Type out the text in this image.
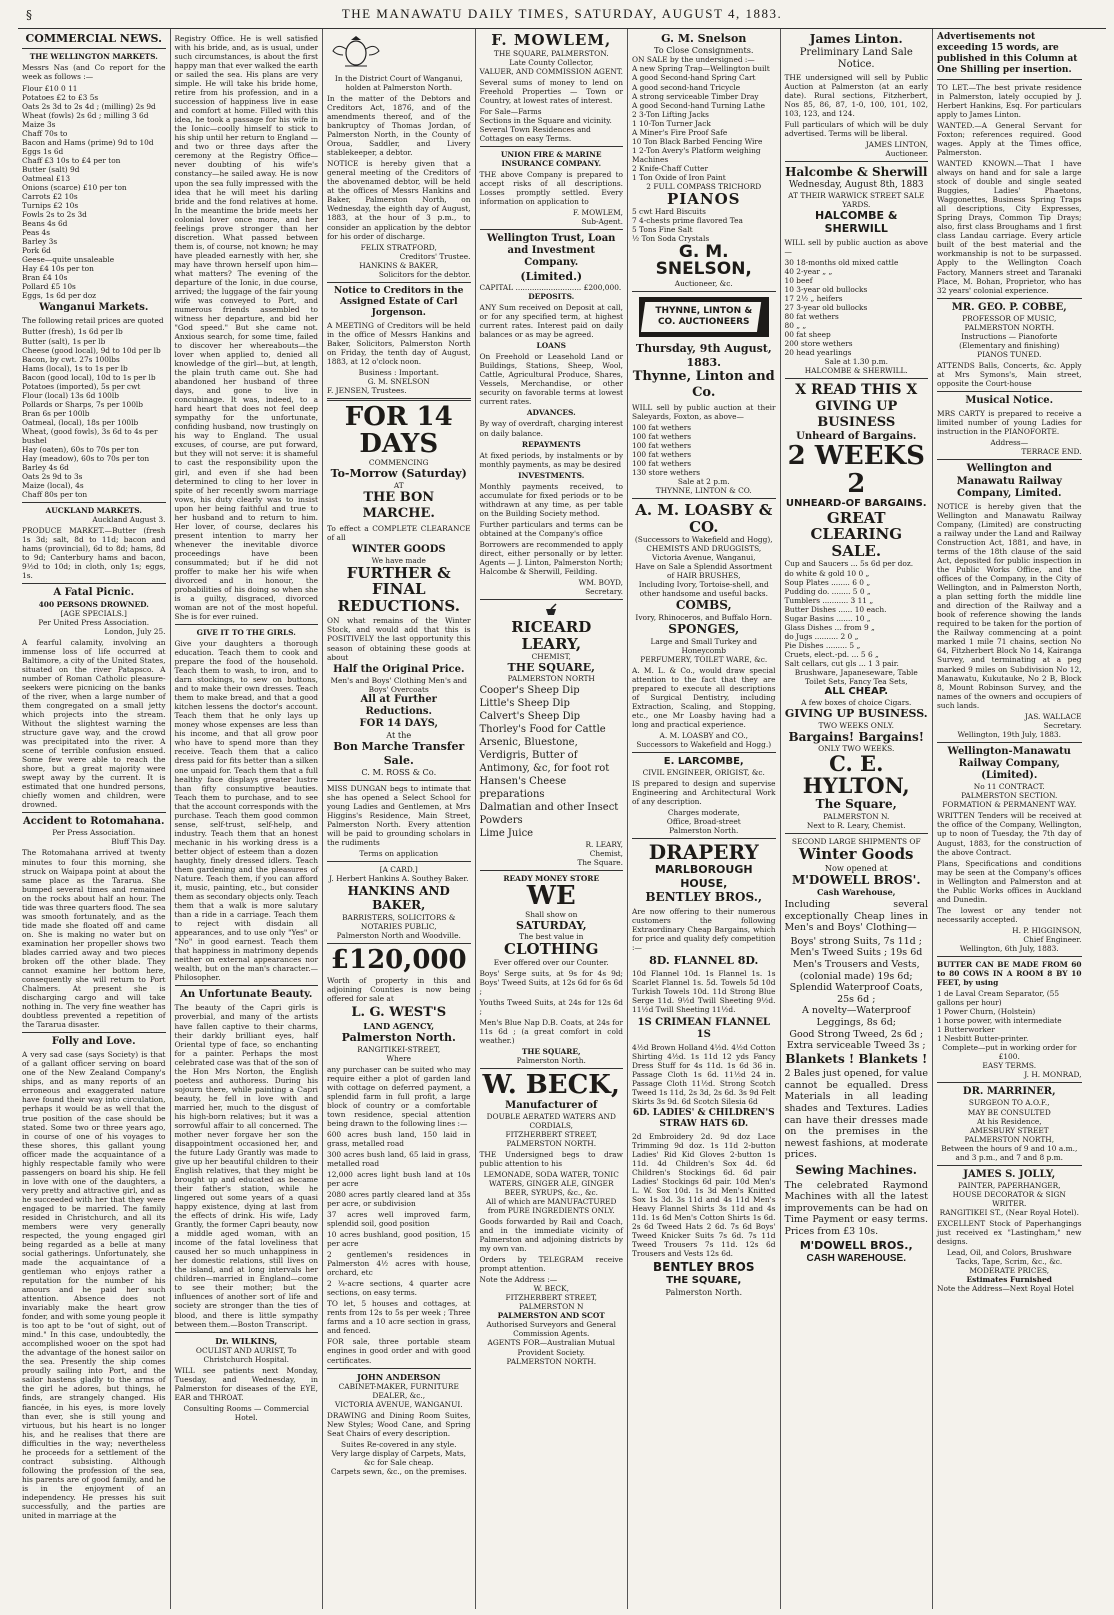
§	THE MANAWATU DAILY TIMES, SATURDAY, AUGUST 4, 1883.
COMMERCIAL NEWS.
THE WELLINGTON MARKETS.
Messrs Nas (and Co report for the week as follows :—
Flour £10 0 11
Potatoes £2 to £3 5s
Oats 2s 3d to 2s 4d ; (milling) 2s 9d
Wheat (fowls) 2s 6d ; milling 3 6d
Maize 3s
Chaff 70s to
Bacon and Hams (prime) 9d to 10d
Eggs 1s 6d
Chaff £3 10s to £4 per ton
Butter (salt) 9d
Oatmeal £13
Onions (scarce) £10 per ton
Carrots £2 10s
Turnips £2 10s
Fowls 2s to 2s 3d
Beans 4s 6d
Peas 4s
Barley 3s
Pork 6d
Geese—quite unsaleable
Hay £4 10s per ton
Bran £4 10s
Pollard £5 10s
Eggs, 1s 6d per doz
Wanganui Markets.
The following retail prices are quoted
Butter (fresh), 1s 6d per lb
Butter (salt), 1s per lb
Cheese (good local), 9d to 10d per lb
Bacon, by cwt. 27s 100lbs
Hams (local), 1s to 1s per lb
Bacon (good local), 10d to 1s per lb
Potatoes (imported), 5s per cwt
Flour (local) 13s 6d 100lb
Pollards or Sharps, 7s per 100lb
Bran 6s per 100lb
Oatmeal, (local), 18s per 100lb
Wheat, (good fowls), 3s 6d to 4s per bushel
Hay (oaten), 60s to 70s per ton
Hay (meadow), 60s to 70s per ton
Barley 4s 6d
Oats 2s 9d to 3s
Maize (local), 4s
Chaff 80s per ton
AUCKLAND MARKETS.
Auckland August 3.
PRODUCE MARKET.—Butter (fresh 1s 3d; salt, 8d to 11d; bacon and hams (provincial), 6d to 8d; hams, 8d to 9d; Canterbury hams and bacon, 9½d to 10d; in cloth, only 1s; eggs, 1s.
A Fatal Picnic.
400 PERSONS DROWNED.
[AGE SPECIALS.]
Per United Press Association.
London, July 25.
A fearful calamity, involving an immense loss of life occurred at Baltimore, a city of the United States, situated on the river Patapsco. A number of Roman Catholic pleasure-seekers were picnicing on the banks of the river, when a large number of them congregated on a small jetty which projects into the stream. Without the slightest warning the structure gave way, and the crowd was precipitated into the river. A scene of terrible confusion ensued. Some few were able to reach the shore, but a great majority were swept away by the current. It is estimated that one hundred persons, chiefly women and children, were drowned.
Accident to Rotomahana.
Per Press Association.
Bluff This Day.
The Rotomahana arrived at twenty minutes to four this morning, she struck on Waipapa point at about the same place as the Tararua. She bumped several times and remained on the rocks about half an hour. The tide was three quarters flood. The sea was smooth fortunately, and as the tide made she floated off and came on. She is making no water but on examination her propeller shows two blades carried away and two pieces broken off the other blade. They cannot examine her bottom here, consequently she will return to Port Chalmers. At present she is discharging cargo and will take nothing in. The very fine weather has doubtless prevented a repetition of the Tararua disaster.
Folly and Love.
A very sad case (says Society) is that of a gallant officer serving on board one of the New Zealand Company's ships, and as many reports of an erroneous and exaggerated nature have found their way into circulation, perhaps it would be as well that the true position of the case should be stated. Some two or three years ago, in course of one of his voyages to these shores, this gallant young officer made the acquaintance of a highly respectable family who were passengers on board his ship. He fell in love with one of the daughters, a very pretty and attractive girl, and as he succeeded with her that they were engaged to be married. The family resided in Christchurch, and all its members were very generally respected, the young engaged girl being regarded as a belle at many social gatherings. Unfortunately, she made the acquaintance of a gentleman who enjoys rather a reputation for the number of his amours and he paid her such attention. Absence does not invariably make the heart grow fonder, and with some young people it is too apt to be "out of sight, out of mind." In this case, undoubtedly, the accomplished wooer on the spot had the advantage of the honest sailor on the sea. Presently the ship comes proudly sailing into Port, and the sailor hastens gladly to the arms of the girl he adores, but things, he finds, are strangely changed. His fiancée, in his eyes, is more lovely than ever, she is still young and virtuous, but his heart is no longer his, and he realises that there are difficulties in the way; nevertheless he proceeds for a settlement of the contract subsisting. Although following the profession of the sea, his parents are of good family, and he is in the enjoyment of an independency. He presses his suit successfully, and the parties are united in marriage at the
Registry Office. He is well satisfied with his bride, and, as is usual, under such circumstances, is about the first happy man that ever walked the earth or sailed the sea. His plans are very simple. He will take his bride home, retire from his profession, and in a succession of happiness live in ease and comfort at home. Filled with this idea, he took a passage for his wife in the Ionic—coolly himself to stick to his ship until her return to England —and two or three days after the ceremony at the Registry Office—never doubting of his wife's constancy—he sailed away. He is now upon the sea fully impressed with the idea that he will meet his darling bride and the fond relatives at home. In the meantime the bride meets her colonial lover once more, and her feelings prove stronger than her discretion. What passed between them is, of course, not known; he may have pleaded earnestly with her, she may have thrown herself upon him—what matters? The evening of the departure of the Ionic, in due course, arrived; the luggage of the fair young wife was conveyed to Port, and numerous friends assembled to witness her departure, and bid her "God speed." But she came not. Anxious search, for some time, failed to discover her whereabouts—the lover when applied to, denied all knowledge of the girl—but, at length, the plain truth came out. She had abandoned her husband of three days, and gone to live in concubinage. It was, indeed, to a hard heart that does not feel deep sympathy for the unfortunate, confiding husband, now trustingly on his way to England. The usual excuses, of course, are put forward, but they will not serve: it is shameful to cast the responsibility upon the girl, and even if she had been determined to cling to her lover in spite of her recently sworn marriage vows, his duty clearly was to insist upon her being faithful and true to her husband and to return to him. Her lover, of course, declares his present intention to marry her whenever the inevitable divorce proceedings have been consummated; but if he did not proffer to make her his wife when divorced and in honour, the probabilities of his doing so when she is a guilty, disgraced, divorced woman are not of the most hopeful. She is for ever ruined.
GIVE IT TO THE GIRLS.
Give your daughters a thorough education. Teach them to cook and prepare the food of the household. Teach them to wash, to iron, and to darn stockings, to sew on buttons, and to make their own dresses. Teach them to make bread, and that a good kitchen lessens the doctor's account. Teach them that he only lays up money whose expenses are less than his income, and that all grow poor who have to spend more than they receive. Teach them that a calico dress paid for fits better than a silken one unpaid for. Teach them that a full healthy face displays greater lustre than fifty consumptive beauties. Teach them to purchase, and to see that the account corresponds with the purchase. Teach them good common sense, self-trust, self-help, and industry. Teach them that an honest mechanic in his working dress is a better object of esteem than a dozen haughty, finely dressed idlers. Teach them gardening and the pleasures of Nature. Teach them, if you can afford it, music, painting, etc., but consider them as secondary objects only. Teach them that a walk is more salutary than a ride in a carriage. Teach them to reject with disdain all appearances, and to use only "Yes" or "No" in good earnest. Teach them that happiness in matrimony depends neither on external appearances nor wealth, but on the man's character.—Philosopher.
An Unfortunate Beauty.
The beauty of the Capri girls is proverbial, and many of the artists have fallen captive to their charms, their darkly brilliant eyes, half Oriental type of face, so enchanting for a painter. Perhaps the most celebrated case was that of the son of the Hon Mrs Norton, the English poetess and authoress. During his sojourn there, while painting a Capri beauty, he fell in love with and married her, much to the disgust of his high-born relatives; but it was a sorrowful affair to all concerned. The mother never forgave her son the disappointment occasioned her, and the future Lady Grantly was made to give up her beautiful children to their English relatives, that they might be brought up and educated as became their father's station, while he lingered out some years of a quasi happy existence, dying at last from the effects of drink. His wife, Lady Grantly, the former Capri beauty, now a middle aged woman, with an income of the fatal loveliness that caused her so much unhappiness in her domestic relations, still lives on the island, and at long intervals her children—married in England—come to see their mother; but the influences of another sort of life and society are stronger than the ties of blood, and there is little sympathy between them.—Boston Transcript.
Dr. WILKINS,
OCULIST AND AURIST, To Christchurch Hospital.
WILL see patients next Monday, Tuesday, and Wednesday, in Palmerston for diseases of the EYE, EAR and THROAT.
Consulting Rooms — Commercial Hotel.
In the District Court of Wanganui, holden at Palmerston North.
In the matter of the Debtors and Creditors Act, 1876, and of the amendments thereof, and of the bankruptcy of Thomas Jordan, of Palmerston North, in the County of Oroua, Saddler, and Livery stablekeeper, a debtor.
NOTICE is hereby given that a general meeting of the Creditors of the abovenamed debtor, will be held at the offices of Messrs Hankins and Baker, Palmerston North, on Wednesday, the eighth day of August, 1883, at the hour of 3 p.m., to consider an application by the debtor for his order of discharge.
FELIX STRATFORD,
Creditors' Trustee.
HANKINS & BAKER,
Solicitors for the debtor.
Notice to Creditors in the Assigned Estate of Carl Jorgenson.
A MEETING of Creditors will be held in the office of Messrs Hankins and Baker, Solicitors, Palmerston North on Friday, the tenth day of August, 1883, at 12 o'clock noon.
Business : Important.
G. M. SNELSON
F. JENSEN, Trustees.
FOR 14 DAYS
COMMENCING
To-Morrow (Saturday)
AT
THE BON MARCHE.
To effect a COMPLETE CLEARANCE of all
WINTER GOODS
We have made
FURTHER & FINAL
REDUCTIONS.
ON what remains of the Winter Stock, and would add that this is POSITIVELY the last opportunity this season of obtaining these goods at about
Half the Original Price.
Men's and Boys' Clothing Men's and Boys' Overcoats
All at Further Reductions.
FOR 14 DAYS,
At the
Bon Marche Transfer Sale.
C. M. ROSS & Co.
MISS DUNGAN begs to intimate that she has opened a Select School for young Ladies and Gentlemen, at Mrs Higgins's Residence, Main Street, Palmerston North. Every attention will be paid to grounding scholars in the rudiments
Terms on application
[A CARD.]
J. Herbert Hankins A. Southey Baker.
HANKINS AND BAKER,
BARRISTERS, SOLICITORS & NOTARIES PUBLIC,
Palmerston North and Woodville.
£120,000
Worth of property in this and adjoining Counties is now being offered for sale at
L. G. WEST'S
LAND AGENCY,
Palmerston North.
RANGITIKEI-STREET,
Where
any purchaser can be suited who may require either a plot of garden land with cottage on deferred payment, a splendid farm in full profit, a large block of country or a comfortable town residence, special attention being drawn to the following lines :—
600 acres bush land, 150 laid in grass, metalled road
300 acres bush land, 65 laid in grass, metalled road
12,000 acres light bush land at 10s per acre
2080 acres partly cleared land at 35s per acre, or subdivision
37 acres well improved farm, splendid soil, good position
10 acres bushland, good position, 15 per acre
2 gentlemen's residences in Palmerston 4½ acres with house, orchard, etc
2 ¼-acre sections, 4 quarter acre sections, on easy terms.
TO let, 5 houses and cottages, at rents from 12s to 5s per week ; Three farms and a 10 acre section in grass, and fenced.
FOR sale, three portable steam engines in good order and with good certificates.
JOHN ANDERSON
CABINET-MAKER, FURNITURE DEALER, &c.,
VICTORIA AVENUE, WANGANUI.
DRAWING and Dining Room Suites, New Styles; Wood Cane, and Spring Seat Chairs of every description.
Suites Re-covered in any style.
Very large display of Carpets, Mats, &c for Sale cheap.
Carpets sewn, &c., on the premises.
F. MOWLEM,
THE SQUARE, PALMERSTON.
Late County Collector,
VALUER, AND COMMISSION AGENT.
Several sums of money to lend on Freehold Properties — Town or Country, at lowest rates of interest.
For Sale—Farms
Sections in the Square and vicinity.
Several Town Residences and Cottages on easy Terms.
UNION FIRE & MARINE INSURANCE COMPANY.
THE above Company is prepared to accept risks of all descriptions. Losses promptly settled. Every information on application to
F. MOWLEM,
Sub-Agent.
Wellington Trust, Loan and Investment Company.
(Limited.)
CAPITAL ............................ £200,000.
DEPOSITS.
ANY Sum received on Deposit at call, or for any specified term, at highest current rates. Interest paid on daily balances or as may be agreed.
LOANS
On Freehold or Leasehold Land or Buildings, Stations, Sheep, Wool, Cattle, Agricultural Produce, Shares, Vessels, Merchandise, or other security on favorable terms at lowest current rates.
ADVANCES.
By way of overdraft, charging interest on daily balance.
REPAYMENTS
At fixed periods, by instalments or by monthly payments, as may be desired
INVESTMENTS.
Monthly payments received, to accumulate for fixed periods or to be withdrawn at any time, as per table on the Building Society method.
Further particulars and terms can be obtained at the Company's office
Borrowers are recommended to apply direct, either personally or by letter. Agents — J. Linton, Palmerston North; Halcombe & Sherwill, Feilding.
WM. BOYD,
Secretary.
RICEARD LEARY,
CHEMIST,
THE SQUARE,
PALMERSTON NORTH
Cooper's Sheep Dip
Little's Sheep Dip
Calvert's Sheep Dip
Thorley's Food for Cattle
Arsenic, Bluestone, Verdigris, Butter of Antimony, &c, for foot rot
Hansen's Cheese preparations
Dalmatian and other Insect Powders
Lime Juice
R. LEARY,
Chemist,
The Square.
READY MONEY STORE
WE
Shall show on
SATURDAY,
The best value in
CLOTHING
Ever offered over our Counter.
Boys' Serge suits, at 9s for 4s 9d; Boys' Tweed Suits, at 12s 6d for 6s 6d ;
Youths Tweed Suits, at 24s for 12s 6d ;
Men's Blue Nap D.B. Coats, at 24s for 11s 6d ; (a great comfort in cold weather.)
THE SQUARE,
Palmerston North.
W. BECK,
Manufacturer of
DOUBLE AERATED WATERS AND CORDIALS,
FITZHERBERT STREET,
PALMERSTON NORTH.
THE Undersigned begs to draw public attention to his
LEMONADE, SODA WATER, TONIC WATERS, GINGER ALE, GINGER BEER, SYRUPS, &c., &c.
All of which are MANUFACTURED from PURE INGREDIENTS ONLY.
Goods forwarded by Rail and Coach, and in the immediate vicinity of Palmerston and adjoining districts by my own van.
Orders by TELEGRAM receive prompt attention.
Note the Address :—
W. BECK,
FITZHERBERT STREET, PALMERSTON N
PALMERSTON AND SCOT
Authorised Surveyors and General Commission Agents.
AGENTS FOR—Australian Mutual Provident Society.
PALMERSTON NORTH.
G. M. Snelson
To Close Consignments.
ON SALE by the undersigned :—
A new Spring Trap—Wellington built
A good Second-hand Spring Cart
A good second-hand Tricycle
A strong serviceable Timber Dray
A good Second-hand Turning Lathe
2 3-Ton Lifting Jacks
1 10-Ton Turner Jack
A Miner's Fire Proof Safe
10 Ton Black Barbed Fencing Wire
1 2-Ton Avery's Platform weighing Machines
2 Knife-Chaff Cutter
1 Ton Oxide of Iron Paint
2 FULL COMPASS TRICHORD
PIANOS
5 cwt Hard Biscuits
7 4-chests prime flavored Tea
5 Tons Fine Salt
½ Ton Soda Crystals
G. M. SNELSON,
Auctioneer, &c.
THYNNE, LINTON & CO. AUCTIONEERS
Thursday, 9th August, 1883.
Thynne, Linton and Co.
WILL sell by public auction at their Saleyards, Foxton, as above—
100 fat wethers
100 fat wethers
100 fat wethers
100 fat wethers
100 fat wethers
130 store wethers
Sale at 2 p.m.
THYNNE, LINTON & CO.
A. M. LOASBY & CO.
(Successors to Wakefield and Hogg),
CHEMISTS AND DRUGGISTS,
Victoria Avenue, Wanganui,
Have on Sale a Splendid Assortment of HAIR BRUSHES,
Including Ivory, Tortoise-shell, and other handsome and useful backs.
COMBS,
Ivory, Rhinoceros, and Buffalo Horn.
SPONGES,
Large and Small Turkey and Honeycomb
PERFUMERY, TOILET WARE, &c.
A. M. L. & Co., would draw special attention to the fact that they are prepared to execute all descriptions of Surgical Dentistry, including Extraction, Scaling, and Stopping, etc., one Mr Loasby having had a long and practical experience.
A. M. LOASBY and CO.,
Successors to Wakefield and Hogg.)
E. LARCOMBE,
CIVIL ENGINEER, ORIGIST, &c.
IS prepared to design and supervise Engineering and Architectural Work of any description.
Charges moderate,
Office, Broad-street
Palmerston North.
DRAPERY
MARLBOROUGH HOUSE,
BENTLEY BROS.,
Are now offering to their numerous customers the following Extraordinary Cheap Bargains, which for price and quality defy competition :—
8D. FLANNEL 8D.
10d Flannel 10d. 1s Flannel 1s. 1s Scarlet Flannel 1s. 5d. Towels 5d 10d Turkish Towels 10d. 11d Strong Blue Serge 11d. 9½d Twill Sheeting 9½d. 11½d Twill Sheeting 11½d.
1S CRIMEAN FLANNEL 1S
4½d Brown Holland 4½d. 4½d Cotton Shirting 4½d. 1s 11d 12 yds Fancy Dress Stuff for 4s 11d. 1s 6d 36 in. Passage Cloth 1s 6d. 11½d 24 in. Passage Cloth 11½d. Strong Scotch Tweed 1s 11d, 2s 3d, 2s 6d. 3s 9d Felt Skirts 3s 9d. 6d Scotch Silesia 6d
6D. LADIES' & CHILDREN'S STRAW HATS 6D.
2d Embroidery 2d. 9d doz Lace Trimming 9d doz. 1s 11d 2-button Ladies' Rid Kid Gloves 2-button 1s 11d. 4d Children's Sox 4d. 6d Children's Stockings 6d. 6d pair Ladies' Stockings 6d pair. 10d Men's L. W. Sox 10d. 1s 3d Men's Knitted Sox 1s 3d. 3s 11d and 4s 11d Men's Heavy Flannel Shirts 3s 11d and 4s 11d. 1s 6d Men's Cotton Shirts 1s 6d. 2s 6d Tweed Hats 2 6d. 7s 6d Boys' Tweed Knicker Suits 7s 6d. 7s 11d Tweed Trousers 7s 11d. 12s 6d Trousers and Vests 12s 6d.
BENTLEY BROS
THE SQUARE,
Palmerston North.
James Linton.
Preliminary Land Sale Notice.
THE undersigned will sell by Public Auction at Palmerston (at an early date). Rural sections, Fitzherbert, Nos 85, 86, 87, 1-0, 100, 101, 102, 103, 123, and 124.
Full particulars of which will be duly advertised. Terms will be liberal.
JAMES LINTON,
Auctioneer.
Halcombe & Sherwill
Wednesday, August 8th, 1883
AT THEIR WARWICK STREET SALE YARDS.
HALCOMBE & SHERWILL
WILL sell by public auction as above—
30 18-months old mixed cattle
40 2-year „ „
10 beef
10 3-year old bullocks
17 2½ „ heifers
27 3-year old bullocks
80 fat wethers
80 „ „
00 fat sheep
200 store wethers
20 head yearlings
Sale at 1.30 p.m.
HALCOMBE & SHERWILL.
X READ THIS X
GIVING UP BUSINESS
Unheard of Bargains.
2 WEEKS 2
UNHEARD-OF BARGAINS.
GREAT CLEARING SALE.
Cup and Saucers ... 5s 6d per doz.
do white & gold 10 0 „
Soup Plates ........ 6 0 „
Pudding do. ........ 5 0 „
Tumblers ........... 3 11 „
Butter Dishes ...... 10 each.
Sugar Basins ....... 10 „
Glass Dishes ... from 9 „
do Jugs .......... 2 0 „
Pie Dishes ......... 5 „
Cruets, elect.-pd. ... 5 6 „
Salt cellars, cut gls ... 1 3 pair.
Brushware, Japaneseware, Table Toilet Sets, Fancy Tea Sets,
ALL CHEAP.
A few boxes of choice Cigars.
GIVING UP BUSINESS.
TWO WEEKS ONLY.
Bargains! Bargains!
ONLY TWO WEEKS.
C. E. HYLTON,
The Square,
PALMERSTON N.
Next to R. Leary, Chemist.
SECOND LARGE SHIPMENTS OF
Winter Goods
Now opened at
M'DOWELL BROS'.
Cash Warehouse,
Including several exceptionally Cheap lines in Men's and Boys' Clothing—
Boys' strong Suits, 7s 11d ;
Men's Tweed Suits ; 19s 6d
Men's Trousers and Vests, (colonial made) 19s 6d;
Splendid Waterproof Coats, 25s 6d ;
A novelty—Waterproof Leggings, 8s 6d;
Good Strong Tweed, 2s 6d ;
Extra serviceable Tweed 3s ;
Blankets ! Blankets !
2 Bales just opened, for value cannot be equalled. Dress Materials in all leading shades and Textures. Ladies can have their dresses made on the premises in the newest fashions, at moderate prices.
Sewing Machines.
The celebrated Raymond Machines with all the latest improvements can be had on Time Payment or easy terms. Prices from £3 10s.
M'DOWELL BROS.,
CASH WAREHOUSE.
Advertisements not exceeding 15 words, are published in this Column at One Shilling per insertion.
TO LET.—The best private residence in Palmerston, lately occupied by J. Herbert Hankins, Esq. For particulars apply to James Linton.
WANTED.—A General Servant for Foxton; references required. Good wages. Apply at the Times office, Palmerston.
WANTED KNOWN.—That I have always on hand and for sale a large stock of double and single seated Buggies, Ladies' Phaetons, Waggonettes, Business Spring Traps all descriptions, City Expresses, Spring Drays, Common Tip Drays; also, first class Broughams and 1 first class Landau carriage. Every article built of the best material and the workmanship is not to be surpassed. Apply to the Wellington Coach Factory, Manners street and Taranaki Place, M. Bohan, Proprietor, who has 32 years' colonial experience.
MR. GEO. P. COBBE,
PROFESSOR OF MUSIC,
PALMERSTON NORTH.
Instructions — Pianoforte (Elementary and finishing)
PIANOS TUNED.
ATTENDS Balls, Concerts, &c. Apply at Mrs Symons's, Main street, opposite the Court-house
Musical Notice.
MRS CARTY is prepared to receive a limited number of young Ladies for instruction in the PIANOFORTE.
Address—
TERRACE END.
Wellington and Manawatu Railway Company, Limited.
NOTICE is hereby given that the Wellington and Manawatu Railway Company, (Limited) are constructing a railway under the Land and Railway Construction Act, 1881, and have, in terms of the 18th clause of the said Act, deposited for public inspection in the Public Works Office, and the offices of the Company, in the City of Wellington, and in Palmerston North, a plan setting forth the middle line and direction of the Railway and a book of reference showing the lands required to be taken for the portion of the Railway commencing at a point marked 1 mile 71 chains, section No 64, Fitzherbert Block No 14, Kairanga Survey, and terminating at a peg marked 9 miles on Subdivision No 12, Manawatu, Kukutauke, No 2 B, Block 8, Mount Robinson Survey, and the names of the owners and occupiers of such lands.
JAS. WALLACE
Secretary.
Wellington, 19th July, 1883.
Wellington-Manawatu Railway Company, (Limited).
No 11 CONTRACT.
PALMERSTON SECTION.
FORMATION & PERMANENT WAY.
WRITTEN Tenders will be received at the office of the Company, Wellington, up to noon of Tuesday, the 7th day of August, 1883, for the construction of the above Contract.
Plans, Specifications and conditions may be seen at the Company's offices in Wellington and Palmerston and at the Public Works offices in Auckland and Dunedin.
The lowest or any tender not necessarily accepted.
H. P. HIGGINSON,
Chief Engineer.
Wellington, 6th July, 1883.
BUTTER CAN BE MADE FROM 60 to 80 COWS IN A ROOM 8 BY 10 FEET, by using
1 de Laval Cream Separator, (55 gallons per hour)
1 Power Churn, (Holstein)
1 horse power, with intermediate
1 Butterworker
1 Nesbitt Butter-printer.
Complete—put in working order for £100.
EASY TERMS.
J. H. MONRAD,
DR. MARRINER,
SURGEON TO A.O.F.,
MAY BE CONSULTED
At his Residence,
AMESBURY STREET
PALMERSTON NORTH,
Between the hours of 9 and 10 a.m., and 3 p.m., and 7 and 8 p.m.
JAMES S. JOLLY,
PAINTER, PAPERHANGER,
HOUSE DECORATOR & SIGN WRITER.
RANGITIKEI ST., (Near Royal Hotel).
EXCELLENT Stock of Paperhangings just received ex "Lastingham," new designs.
Lead, Oil, and Colors, Brushware Tacks, Tape, Scrim, &c., &c.
MODERATE PRICES,
Estimates Furnished
Note the Address—Next Royal Hotel
